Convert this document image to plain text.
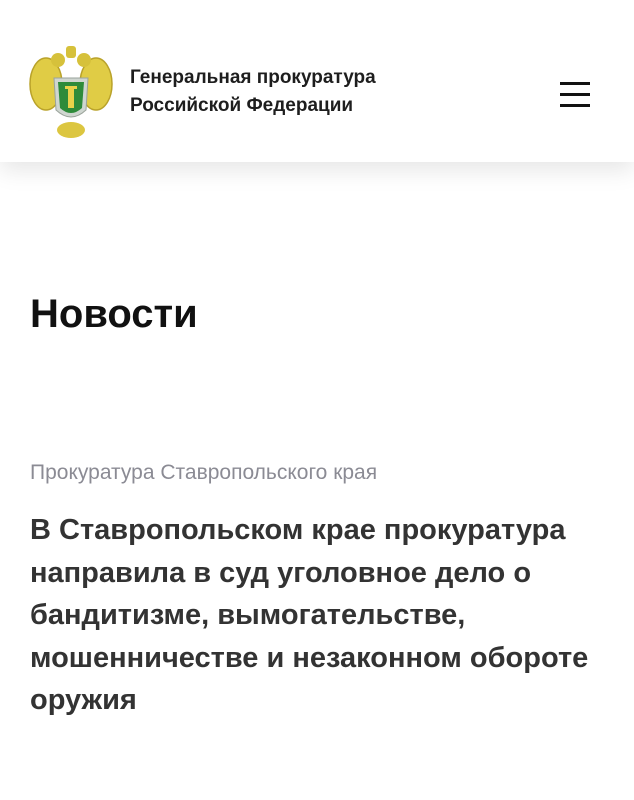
Генеральная прокуратура
Российской Федерации
Новости
Прокуратура Ставропольского края
В Ставропольском крае прокуратура направила в суд уголовное дело о бандитизме, вымогательстве, мошенничестве и незаконном обороте оружия
